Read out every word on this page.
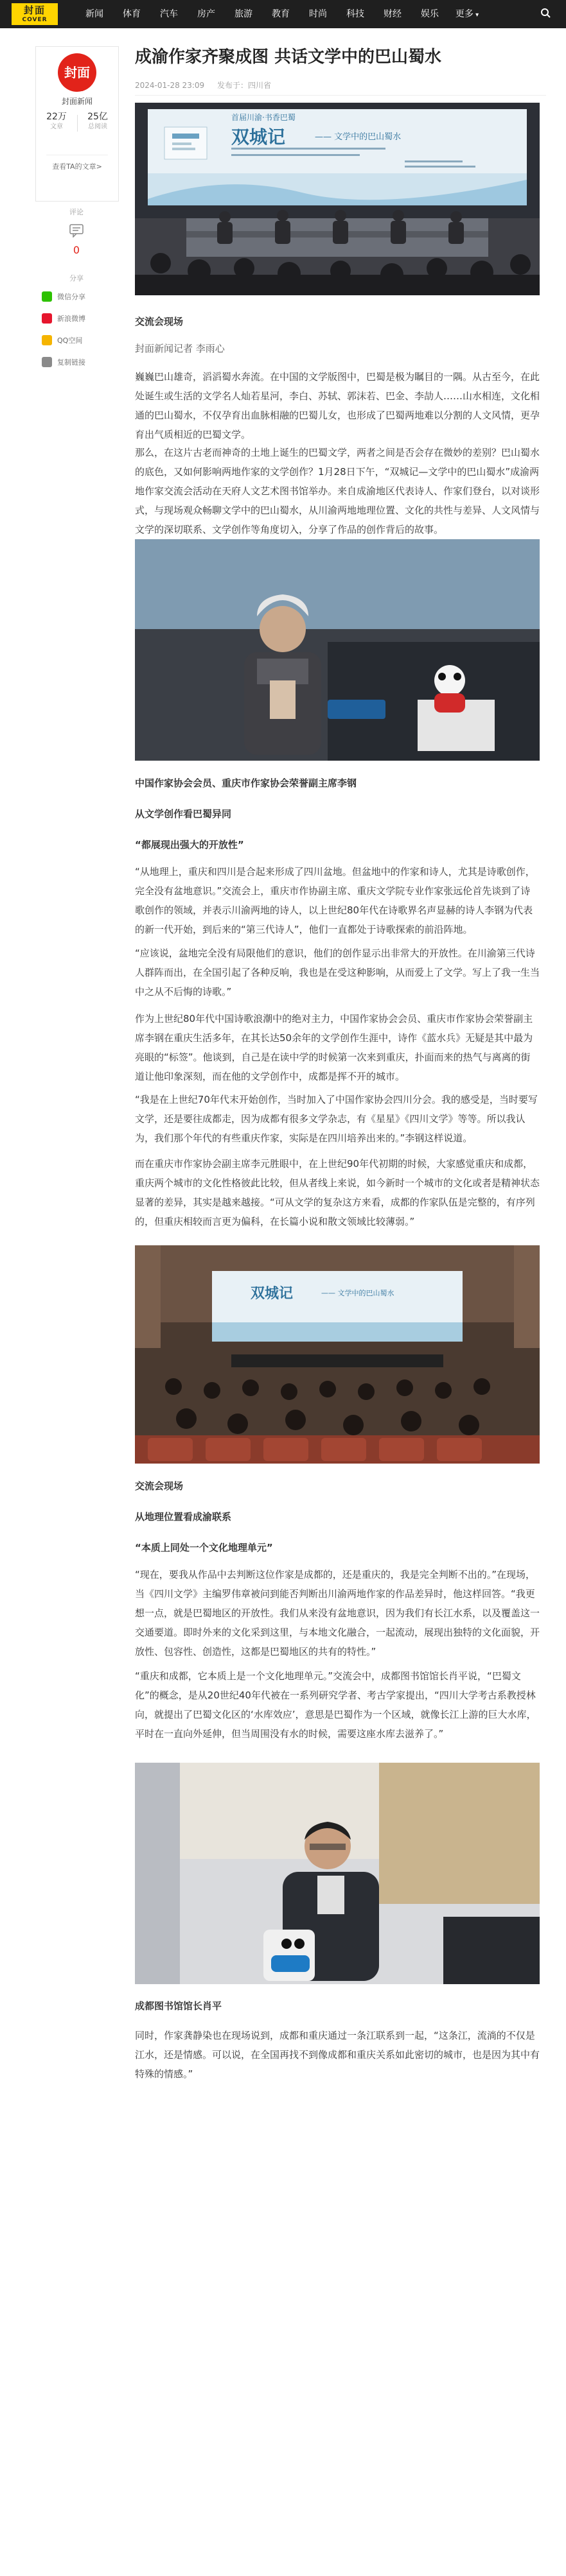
封面
COVER
新闻	体育	汽车	房产	旅游	教育	时尚	科技	财经	娱乐	更多 ▾
封面
封面新闻
22万
文章
25亿
总阅读
查看TA的文章>
评论
0
分享
微信分享
新浪微博
QQ空间
复制链接
成渝作家齐聚成图 共话文学中的巴山蜀水
2024-01-28 23:09 发布于：四川省
首届川渝·书香巴蜀
双城记	—— 文学中的巴山蜀水

交流会现场

封面新闻记者 李雨心

巍巍巴山雄奇，滔滔蜀水奔流。在中国的文学版图中，巴蜀是极为瞩目的一隅。从古至今，在此处诞生或生活的文学名人灿若星河，李白、苏轼、郭沫若、巴金、李劼人……山水相连，文化相通的巴山蜀水，不仅孕育出血脉相融的巴蜀儿女，也形成了巴蜀两地难以分割的人文风情，更孕育出气质相近的巴蜀文学。

那么，在这片古老而神奇的土地上诞生的巴蜀文学，两者之间是否会存在微妙的差别？巴山蜀水的底色，又如何影响两地作家的文学创作？1月28日下午，“双城记—文学中的巴山蜀水”成渝两地作家交流会活动在天府人文艺术图书馆举办。来自成渝地区代表诗人、作家们登台，以对谈形式，与现场观众畅聊文学中的巴山蜀水，从川渝两地地理位置、文化的共性与差异、人文风情与文学的深切联系、文学创作等角度切入，分享了作品的创作背后的故事。

中国作家协会会员、重庆市作家协会荣誉副主席李钢

从文学创作看巴蜀异同

“都展现出强大的开放性”

“从地理上，重庆和四川是合起来形成了四川盆地。但盆地中的作家和诗人，尤其是诗歌创作，完全没有盆地意识。”交流会上，重庆市作协副主席、重庆文学院专业作家张远伦首先谈到了诗歌创作的领域，并表示川渝两地的诗人，以上世纪80年代在诗歌界名声显赫的诗人李钢为代表的新一代开始，到后来的“第三代诗人”，他们一直都处于诗歌探索的前沿阵地。

“应该说，盆地完全没有局限他们的意识，他们的创作显示出非常大的开放性。在川渝第三代诗人群阵而出，在全国引起了各种反响，我也是在受这种影响，从而爱上了文学。写上了我一生当中之从不后悔的诗歌。”

作为上世纪80年代中国诗歌浪潮中的绝对主力，中国作家协会会员、重庆市作家协会荣誉副主席李钢在重庆生活多年，在其长达50余年的文学创作生涯中，诗作《蓝水兵》无疑是其中最为亮眼的“标签”。他谈到，自己是在读中学的时候第一次来到重庆，扑面而来的热气与离离的街道让他印象深刻，而在他的文学创作中，成都是挥不开的城市。

“我是在上世纪70年代末开始创作，当时加入了中国作家协会四川分会。我的感受是，当时要写文学，还是要往成都走，因为成都有很多文学杂志，有《星星》《四川文学》等等。所以我认为，我们那个年代的有些重庆作家，实际是在四川培养出来的。”李钢这样说道。

而在重庆市作家协会副主席李元胜眼中，在上世纪90年代初期的时候，大家感觉重庆和成都，重庆两个城市的文化性格彼此比较，但从者线上来说，如今新时一个城市的文化或者是精神状态显著的差异，其实是越来越接。“可从文学的复杂这方来看，成都的作家队伍是完整的，有序列的，但重庆相较而言更为偏科，在长篇小说和散文领域比较薄弱。”

双城记	—— 文学中的巴山蜀水

交流会现场

从地理位置看成渝联系

“本质上同处一个文化地理单元”

“现在，要我从作品中去判断这位作家是成都的，还是重庆的，我是完全判断不出的。”在现场，当《四川文学》主编罗伟章被问到能否判断出川渝两地作家的作品差异时，他这样回答。“我更想一点，就是巴蜀地区的开放性。我们从来没有盆地意识，因为我们有长江水系，以及覆盖这一交通要道。即时外来的文化采到这里，与本地文化融合，一起流动，展现出独特的文化面貌，开放性、包容性、创造性，这都是巴蜀地区的共有的特性。”

“重庆和成都，它本质上是一个文化地理单元。”交流会中，成都图书馆馆长肖平说，“巴蜀文化”的概念，是从20世纪40年代被在一系列研究学者、考古学家提出，“四川大学考古系教授林向，就提出了巴蜀文化区的‘水库效应’，意思是巴蜀作为一个区域，就像长江上游的巨大水库，平时在一直向外延伸，但当周围没有水的时候，需要这座水库去滋养了。”

成都图书馆馆长肖平

同时，作家龚静染也在现场说到，成都和重庆通过一条江联系到一起，“这条江，流淌的不仅是江水，还是情感。可以说，在全国再找不到像成都和重庆关系如此密切的城市，也是因为其中有特殊的情感。”
